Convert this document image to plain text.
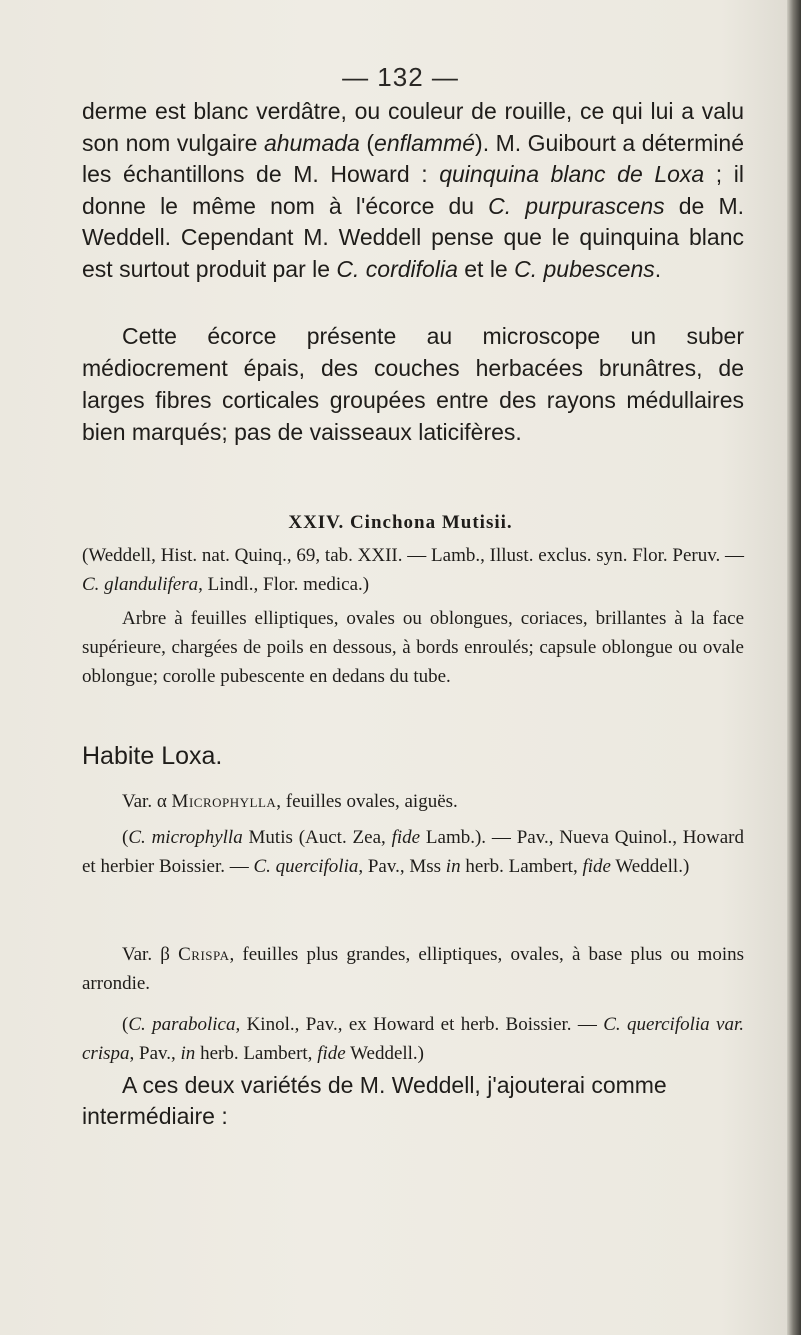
— 132 —
derme est blanc verdâtre, ou couleur de rouille, ce qui lui a valu son nom vulgaire ahumada (enflammé). M. Guibourt a déterminé les échantillons de M. Howard : quinquina blanc de Loxa ; il donne le même nom à l'écorce du C. purpurascens de M. Weddell. Cependant M. Weddell pense que le quinquina blanc est surtout produit par le C. cordifolia et le C. pubescens.
Cette écorce présente au microscope un suber médiocrement épais, des couches herbacées brunâtres, de larges fibres corticales groupées entre des rayons médullaires bien marqués; pas de vaisseaux laticifères.
XXIV. Cinchona Mutisii.
(Weddell, Hist. nat. Quinq., 69, tab. XXII. — Lamb., Illust. exclus. syn. Flor. Peruv. — C. glandulifera, Lindl., Flor. medica.)
Arbre à feuilles elliptiques, ovales ou oblongues, coriaces, brillantes à la face supérieure, chargées de poils en dessous, à bords enroulés; capsule oblongue ou ovale oblongue; corolle pubescente en dedans du tube.
Habite Loxa.
Var. α Microphylla, feuilles ovales, aiguës.
(C. microphylla Mutis (Auct. Zea, fide Lamb.). — Pav., Nueva Quinol., Howard et herbier Boissier. — C. quercifolia, Pav., Mss in herb. Lambert, fide Weddell.)
Var. β Crispa, feuilles plus grandes, elliptiques, ovales, à base plus ou moins arrondie.
(C. parabolica, Kinol., Pav., ex Howard et herb. Boissier. — C. quercifolia var. crispa, Pav., in herb. Lambert, fide Weddell.)
A ces deux variétés de M. Weddell, j'ajouterai comme intermédiaire :
